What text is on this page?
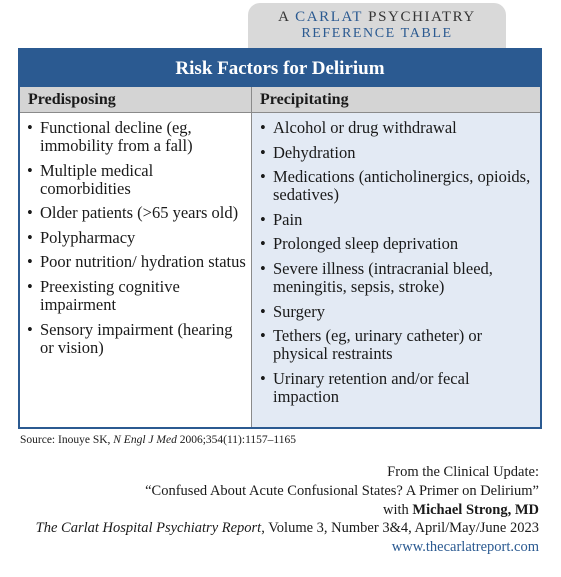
A CARLAT PSYCHIATRY
REFERENCE TABLE
Risk Factors for Delirium
Predisposing	Precipitating
• Functional decline (eg, immobility from a fall)
• Multiple medical comorbidities
• Older patients (>65 years old)
• Polypharmacy
• Poor nutrition/ hydration status
• Preexisting cognitive impairment
• Sensory impairment (hearing or vision)
• Alcohol or drug withdrawal
• Dehydration
• Medications (anticholinergics, opioids, sedatives)
• Pain
• Prolonged sleep deprivation
• Severe illness (intracranial bleed, meningitis, sepsis, stroke)
• Surgery
• Tethers (eg, urinary catheter) or physical restraints
• Urinary retention and/or fecal impaction
Source: Inouye SK, N Engl J Med 2006;354(11):1157–1165
From the Clinical Update:
“Confused About Acute Confusional States? A Primer on Delirium”
with Michael Strong, MD
The Carlat Hospital Psychiatry Report, Volume 3, Number 3&4, April/May/June 2023
www.thecarlatreport.com
